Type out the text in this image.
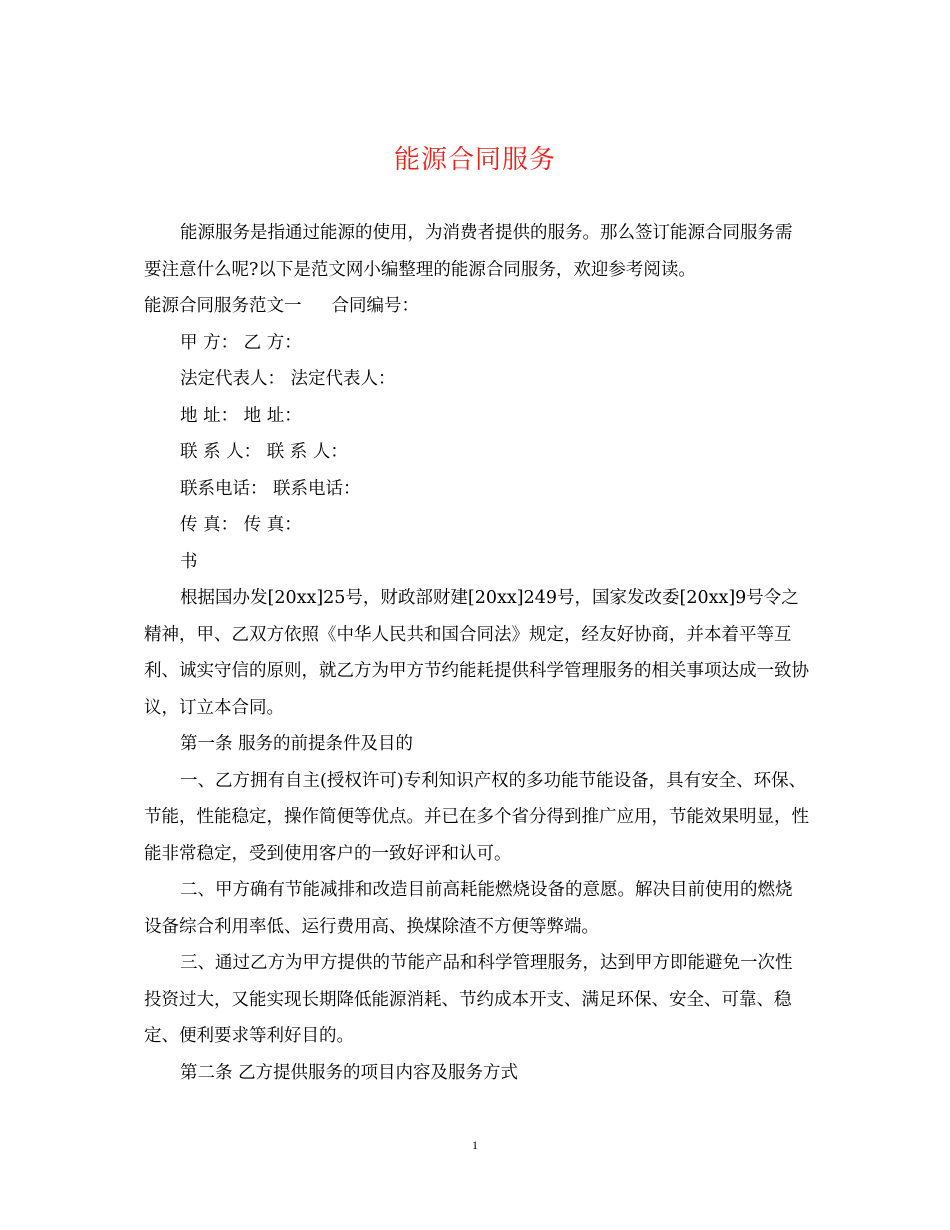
能源合同服务

能源服务是指通过能源的使用，为消费者提供的服务。那么签订能源合同服务需要注意什么呢?以下是范文网小编整理的能源合同服务，欢迎参考阅读。

能源合同服务范文一 合同编号：

甲 方： 乙 方：

法定代表人： 法定代表人：

地 址： 地 址：

联 系 人： 联 系 人：

联系电话： 联系电话：

传 真： 传 真：

书

根据国办发[20xx]25号，财政部财建[20xx]249号，国家发改委[20xx]9号令之精神，甲、乙双方依照《中华人民共和国合同法》规定，经友好协商，并本着平等互利、诚实守信的原则，就乙方为甲方节约能耗提供科学管理服务的相关事项达成一致协议，订立本合同。

第一条 服务的前提条件及目的

一、乙方拥有自主(授权许可)专利知识产权的多功能节能设备，具有安全、环保、节能，性能稳定，操作简便等优点。并已在多个省分得到推广应用，节能效果明显，性能非常稳定，受到使用客户的一致好评和认可。

二、甲方确有节能减排和改造目前高耗能燃烧设备的意愿。解决目前使用的燃烧设备综合利用率低、运行费用高、换煤除渣不方便等弊端。

三、通过乙方为甲方提供的节能产品和科学管理服务，达到甲方即能避免一次性投资过大，又能实现长期降低能源消耗、节约成本开支、满足环保、安全、可靠、稳定、便利要求等利好目的。

第二条 乙方提供服务的项目内容及服务方式

1
